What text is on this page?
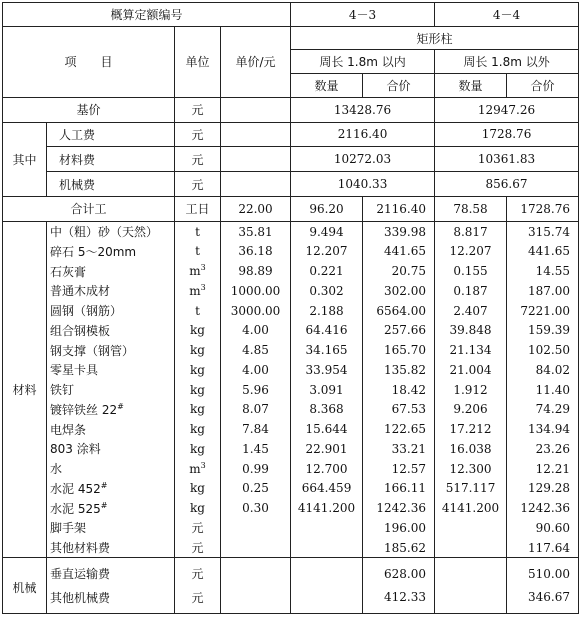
概算定额编号				4－3		4－4	
项　　目		单位	单价/元	矩形柱			
				周长 1.8m 以内		周长 1.8m 以外	
				数量	合价	数量	合价
基价		元		13428.76		12947.26	
其中	人工费	元		2116.40		1728.76	
	材料费	元		10272.03		10361.83	
	机械费	元		1040.33		856.67	
合计工		工日	22.00	96.20	2116.40	78.58	1728.76
材料	中（粗）砂（天然）	t	35.81	9.494	339.98	8.817	315.74
	碎石 5～20mm	t	36.18	12.207	441.65	12.207	441.65
	石灰膏	$m^3$	98.89	0.221	20.75	0.155	14.55
	普通木成材	$m^3$	1000.00	0.302	302.00	0.187	187.00
	圆钢（钢筋）	t	3000.00	2.188	6564.00	2.407	7221.00
	组合钢模板	kg	4.00	64.416	257.66	39.848	159.39
	钢支撑（钢管）	kg	4.85	34.165	165.70	21.134	102.50
	零星卡具	kg	4.00	33.954	135.82	21.004	84.02
	铁钉	kg	5.96	3.091	18.42	1.912	11.40
	镀锌铁丝 22#	kg	8.07	8.368	67.53	9.206	74.29
	电焊条	kg	7.84	15.644	122.65	17.212	134.94
	803 涂料	kg	1.45	22.901	33.21	16.038	23.26
	水	$m^3$	0.99	12.700	12.57	12.300	12.21
	水泥 452#	kg	0.25	664.459	166.11	517.117	129.28
	水泥 525#	kg	0.30	4141.200	1242.36	4141.200	1242.36
	脚手架	元			196.00		90.60
	其他材料费	元			185.62		117.64
机械	垂直运输费	元			628.00		510.00
	其他机械费	元			412.33		346.67
